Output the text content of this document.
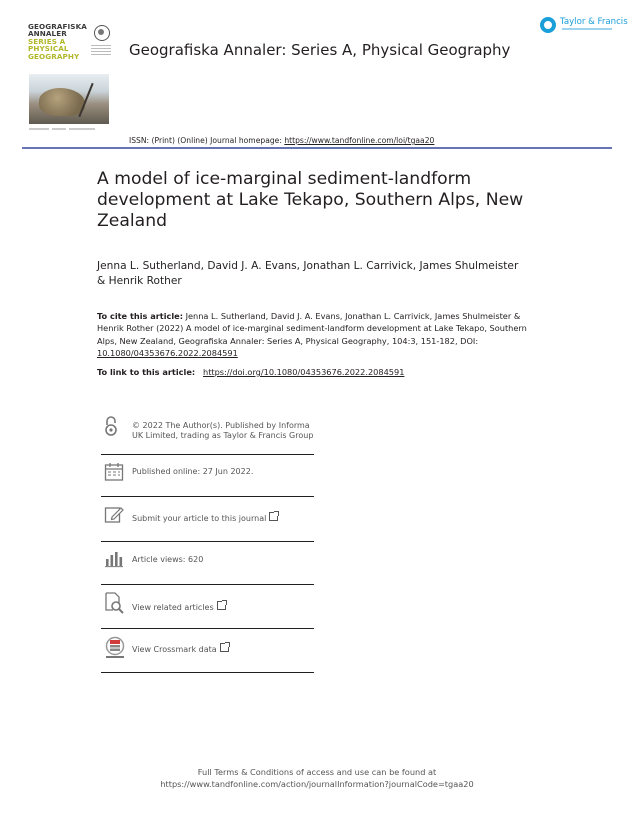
GEOGRAFISKA
ANNALER
SERIES A
PHYSICAL
GEOGRAPHY	Geografiska Annaler: Series A, Physical Geography
Taylor & Francis
ISSN: (Print) (Online) Journal homepage: https://www.tandfonline.com/loi/tgaa20
A model of ice-marginal sediment-landform development at Lake Tekapo, Southern Alps, New Zealand

Jenna L. Sutherland, David J. A. Evans, Jonathan L. Carrivick, James Shulmeister & Henrik Rother

To cite this article: Jenna L. Sutherland, David J. A. Evans, Jonathan L. Carrivick, James Shulmeister & Henrik Rother (2022) A model of ice-marginal sediment-landform development at Lake Tekapo, Southern Alps, New Zealand, Geografiska Annaler: Series A, Physical Geography, 104:3, 151-182, DOI: 10.1080/04353676.2022.2084591

To link to this article: https://doi.org/10.1080/04353676.2022.2084591
© 2022 The Author(s). Published by Informa UK Limited, trading as Taylor & Francis Group
Published online: 27 Jun 2022.
Submit your article to this journal
Article views: 620
View related articles
View Crossmark data

Full Terms & Conditions of access and use can be found at
https://www.tandfonline.com/action/journalInformation?journalCode=tgaa20
